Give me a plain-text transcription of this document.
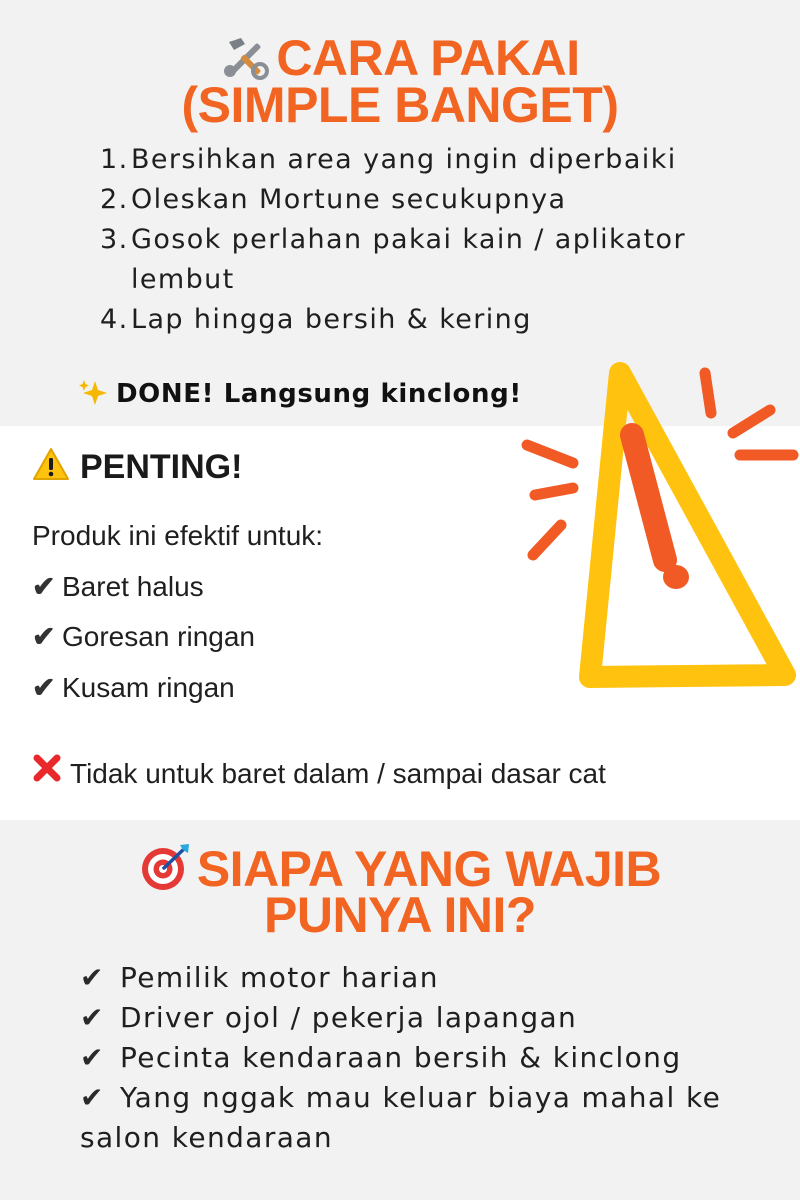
CARA PAKAI
(SIMPLE BANGET)
1. Bersihkan area yang ingin diperbaiki
2. Oleskan Mortune secukupnya
3. Gosok perlahan pakai kain / aplikator lembut
4. Lap hingga bersih & kering
DONE! Langsung kinclong!
PENTING!
Produk ini efektif untuk:
✔ Baret halus
✔ Goresan ringan
✔ Kusam ringan
Tidak untuk baret dalam / sampai dasar cat
SIAPA YANG WAJIB
PUNYA INI?
✔ Pemilik motor harian
✔ Driver ojol / pekerja lapangan
✔ Pecinta kendaraan bersih & kinclong
✔ Yang nggak mau keluar biaya mahal ke salon kendaraan
